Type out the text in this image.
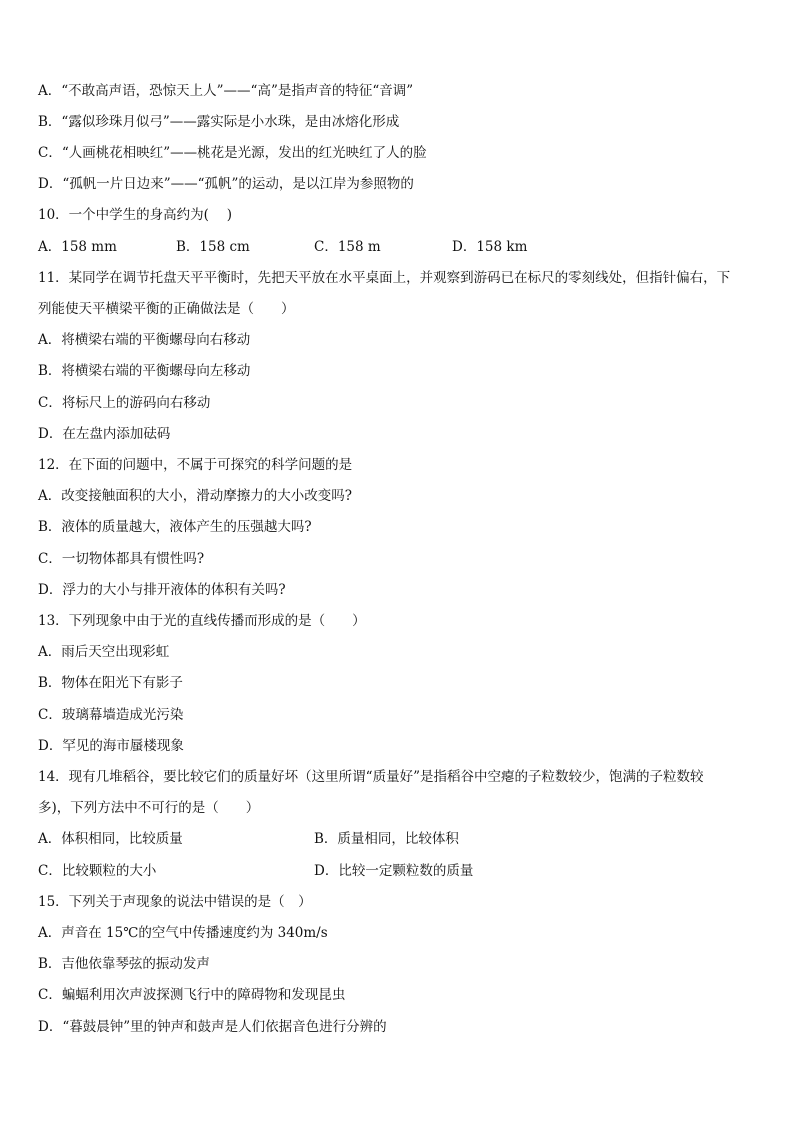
A．“不敢高声语，恐惊天上人”——“高”是指声音的特征“音调”
B．“露似珍珠月似弓”——露实际是小水珠，是由冰熔化形成
C．“人画桃花相映红”——桃花是光源，发出的红光映红了人的脸
D．“孤帆一片日边来”——“孤帆”的运动，是以江岸为参照物的
10．一个中学生的身高约为(　 )
A．158 mm	B．158 cm	C．158 m	D．158 km
11．某同学在调节托盘天平平衡时，先把天平放在水平桌面上，并观察到游码已在标尺的零刻线处，但指针偏右，下
列能使天平横梁平衡的正确做法是（　　）
A．将横梁右端的平衡螺母向右移动
B．将横梁右端的平衡螺母向左移动
C．将标尺上的游码向右移动
D．在左盘内添加砝码
12．在下面的问题中，不属于可探究的科学问题的是
A．改变接触面积的大小，滑动摩擦力的大小改变吗?
B．液体的质量越大，液体产生的压强越大吗?
C．一切物体都具有惯性吗?
D．浮力的大小与排开液体的体积有关吗?
13．下列现象中由于光的直线传播而形成的是（　　）
A．雨后天空出现彩虹
B．物体在阳光下有影子
C．玻璃幕墙造成光污染
D．罕见的海市蜃楼现象
14．现有几堆稻谷，要比较它们的质量好坏（这里所谓“质量好”是指稻谷中空瘪的子粒数较少，饱满的子粒数较
多)，下列方法中不可行的是（　　）
A．体积相同，比较质量	B．质量相同，比较体积
C．比较颗粒的大小	D．比较一定颗粒数的质量
15．下列关于声现象的说法中错误的是（　）
A．声音在 15℃的空气中传播速度约为 340m/s
B．吉他依靠琴弦的振动发声
C．蝙蝠利用次声波探测飞行中的障碍物和发现昆虫
D．“暮鼓晨钟”里的钟声和鼓声是人们依据音色进行分辨的
